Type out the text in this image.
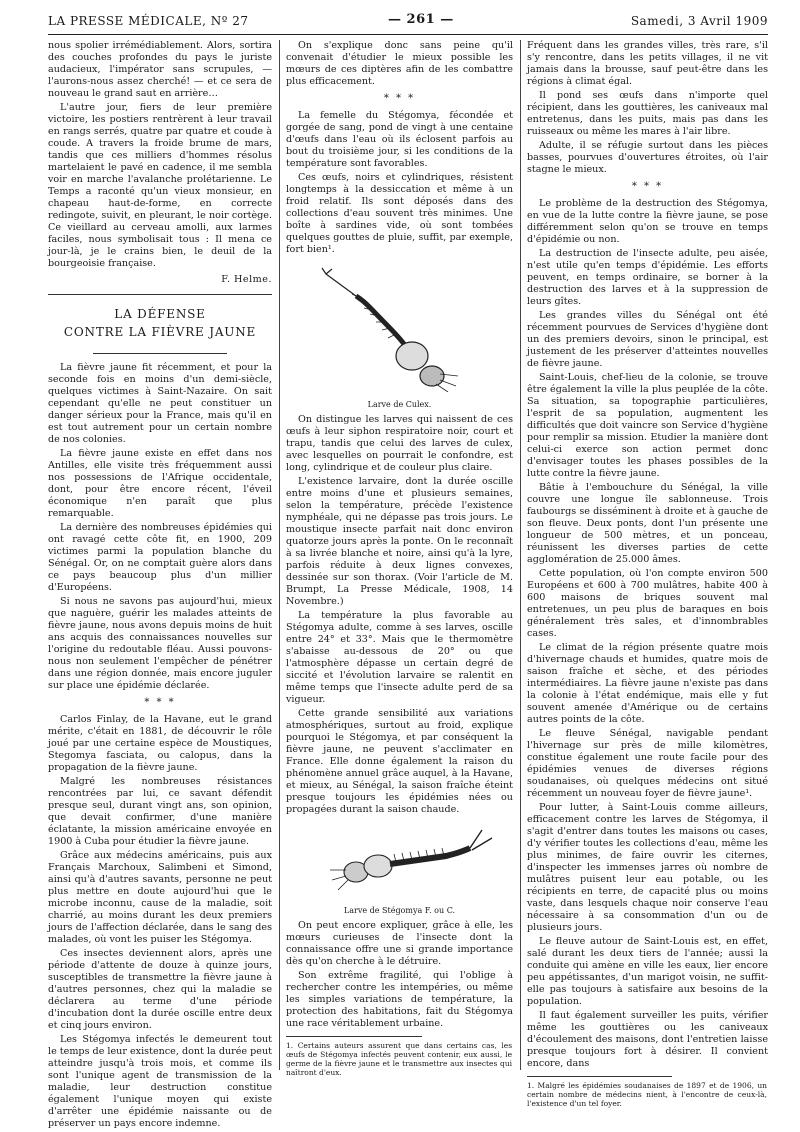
LA PRESSE MÉDICALE, Nº 27	— 261 —	Samedi, 3 Avril 1909

nous spolier irrémédiablement. Alors, sortira des couches profondes du pays le juriste audacieux, l'impérator sans scrupules, — l'aurons-nous assez cherché! — et ce sera de nouveau le grand saut en arrière…

L'autre jour, fiers de leur première victoire, les postiers rentrèrent à leur travail en rangs serrés, quatre par quatre et coude à coude. A travers la froide brume de mars, tandis que ces milliers d'hommes résolus martelaient le pavé en cadence, il me sembla voir en marche l'avalanche prolétarienne. Le Temps a raconté qu'un vieux monsieur, en chapeau haut-de-forme, en correcte redingote, suivit, en pleurant, le noir cortège. Ce vieillard au cerveau amolli, aux larmes faciles, nous symbolisait tous : Il mena ce jour-là, je le crains bien, le deuil de la bourgeoisie française.

F. Helme.
LA DÉFENSE
CONTRE LA FIÈVRE JAUNE

La fièvre jaune fit récemment, et pour la seconde fois en moins d'un demi-siècle, quelques victimes à Saint-Nazaire. On sait cependant qu'elle ne peut constituer un danger sérieux pour la France, mais qu'il en est tout autrement pour un certain nombre de nos colonies.

La fièvre jaune existe en effet dans nos Antilles, elle visite très fréquemment aussi nos possessions de l'Afrique occidentale, dont, pour être encore récent, l'éveil économique n'en paraît que plus remarquable.

La dernière des nombreuses épidémies qui ont ravagé cette côte fit, en 1900, 209 victimes parmi la population blanche du Sénégal. Or, on ne comptait guère alors dans ce pays beaucoup plus d'un millier d'Européens.

Si nous ne savons pas aujourd'hui, mieux que naguère, guérir les malades atteints de fièvre jaune, nous avons depuis moins de huit ans acquis des connaissances nouvelles sur l'origine du redoutable fléau. Aussi pouvons-nous non seulement l'empêcher de pénétrer dans une région donnée, mais encore juguler sur place une épidémie déclarée.

* * *

Carlos Finlay, de la Havane, eut le grand mérite, c'était en 1881, de découvrir le rôle joué par une certaine espèce de Moustiques, Stegomya fasciata, ou calopus, dans la propagation de la fièvre jaune.

Malgré les nombreuses résistances rencontrées par lui, ce savant défendit presque seul, durant vingt ans, son opinion, que devait confirmer, d'une manière éclatante, la mission américaine envoyée en 1900 à Cuba pour étudier la fièvre jaune.

Grâce aux médecins américains, puis aux Français Marchoux, Salimbeni et Simond, ainsi qu'à d'autres savants, personne ne peut plus mettre en doute aujourd'hui que le microbe inconnu, cause de la maladie, soit charrié, au moins durant les deux premiers jours de l'affection déclarée, dans le sang des malades, où vont les puiser les Stégomya.

Ces insectes deviennent alors, après une période d'attente de douze à quinze jours, susceptibles de transmettre la fièvre jaune à d'autres personnes, chez qui la maladie se déclarera au terme d'une période d'incubation dont la durée oscille entre deux et cinq jours environ.

Les Stégomya infectés le demeurent tout le temps de leur existence, dont la durée peut atteindre jusqu'à trois mois, et comme ils sont l'unique agent de transmission de la maladie, leur destruction constitue également l'unique moyen qui existe d'arrêter une épidémie naissante ou de préserver un pays encore indemne.

On s'explique donc sans peine qu'il convenait d'étudier le mieux possible les mœurs de ces diptères afin de les combattre plus efficacement.

* * *

La femelle du Stégomya, fécondée et gorgée de sang, pond de vingt à une centaine d'œufs dans l'eau où ils éclosent parfois au bout du troisième jour, si les conditions de la température sont favorables.

Ces œufs, noirs et cylindriques, résistent longtemps à la dessiccation et même à un froid relatif. Ils sont déposés dans des collections d'eau souvent très minimes. Une boîte à sardines vide, où sont tombées quelques gouttes de pluie, suffit, par exemple, fort bien¹.

Larve de Culex.

On distingue les larves qui naissent de ces œufs à leur siphon respiratoire noir, court et trapu, tandis que celui des larves de culex, avec lesquelles on pourrait le confondre, est long, cylindrique et de couleur plus claire.

L'existence larvaire, dont la durée oscille entre moins d'une et plusieurs semaines, selon la température, précède l'existence nymphéale, qui ne dépasse pas trois jours. Le moustique insecte parfait nait donc environ quatorze jours après la ponte. On le reconnaît à sa livrée blanche et noire, ainsi qu'à la lyre, parfois réduite à deux lignes convexes, dessinée sur son thorax. (Voir l'article de M. Brumpt, La Presse Médicale, 1908, 14 Novembre.)

La température la plus favorable au Stégomya adulte, comme à ses larves, oscille entre 24° et 33°. Mais que le thermomètre s'abaisse au-dessous de 20° ou que l'atmosphère dépasse un certain degré de siccité et l'évolution larvaire se ralentit en même temps que l'insecte adulte perd de sa vigueur.

Cette grande sensibilité aux variations atmosphériques, surtout au froid, explique pourquoi le Stégomya, et par conséquent la fièvre jaune, ne peuvent s'acclimater en France. Elle donne également la raison du phénomène annuel grâce auquel, à la Havane, et mieux, au Sénégal, la saison fraîche éteint presque toujours les épidémies nées ou propagées durant la saison chaude.

Larve de Stégomya F. ou C.

On peut encore expliquer, grâce à elle, les mœurs curieuses de l'insecte dont la connaissance offre une si grande importance dès qu'on cherche à le détruire.

Son extrême fragilité, qui l'oblige à rechercher contre les intempéries, ou même les simples variations de température, la protection des habitations, fait du Stégomya une race véritablement urbaine.

1. Certains auteurs assurent que dans certains cas, les œufs de Stégomya infectés peuvent contenir, eux aussi, le germe de la fièvre jaune et le transmettre aux insectes qui naîtront d'eux.

Fréquent dans les grandes villes, très rare, s'il s'y rencontre, dans les petits villages, il ne vit jamais dans la brousse, sauf peut-être dans les régions à climat égal.

Il pond ses œufs dans n'importe quel récipient, dans les gouttières, les caniveaux mal entretenus, dans les puits, mais pas dans les ruisseaux ou même les mares à l'air libre.

Adulte, il se réfugie surtout dans les pièces basses, pourvues d'ouvertures étroites, où l'air stagne le mieux.

* * *

Le problème de la destruction des Stégomya, en vue de la lutte contre la fièvre jaune, se pose différemment selon qu'on se trouve en temps d'épidémie ou non.

La destruction de l'insecte adulte, peu aisée, n'est utile qu'en temps d'épidémie. Les efforts peuvent, en temps ordinaire, se borner à la destruction des larves et à la suppression de leurs gîtes.

Les grandes villes du Sénégal ont été récemment pourvues de Services d'hygiène dont un des premiers devoirs, sinon le principal, est justement de les préserver d'atteintes nouvelles de fièvre jaune.

Saint-Louis, chef-lieu de la colonie, se trouve être également la ville la plus peuplée de la côte. Sa situation, sa topographie particulières, l'esprit de sa population, augmentent les difficultés que doit vaincre son Service d'hygiène pour remplir sa mission. Etudier la manière dont celui-ci exerce son action permet donc d'envisager toutes les phases possibles de la lutte contre la fièvre jaune.

Bâtie à l'embouchure du Sénégal, la ville couvre une longue île sablonneuse. Trois faubourgs se disséminent à droite et à gauche de son fleuve. Deux ponts, dont l'un présente une longueur de 500 mètres, et un ponceau, réunissent les diverses parties de cette agglomération de 25.000 âmes.

Cette population, où l'on compte environ 500 Européens et 600 à 700 mulâtres, habite 400 à 600 maisons de briques souvent mal entretenues, un peu plus de baraques en bois généralement très sales, et d'innombrables cases.

Le climat de la région présente quatre mois d'hivernage chauds et humides, quatre mois de saison fraîche et sèche, et des périodes intermédiaires. La fièvre jaune n'existe pas dans la colonie à l'état endémique, mais elle y fut souvent amenée d'Amérique ou de certains autres points de la côte.

Le fleuve Sénégal, navigable pendant l'hivernage sur près de mille kilomètres, constitue également une route facile pour des épidémies venues de diverses régions soudanaises, où quelques médecins ont situé récemment un nouveau foyer de fièvre jaune¹.

Pour lutter, à Saint-Louis comme ailleurs, efficacement contre les larves de Stégomya, il s'agit d'entrer dans toutes les maisons ou cases, d'y vérifier toutes les collections d'eau, même les plus minimes, de faire ouvrir les citernes, d'inspecter les immenses jarres où nombre de mulâtres puisent leur eau potable, ou les récipients en terre, de capacité plus ou moins vaste, dans lesquels chaque noir conserve l'eau nécessaire à sa consommation d'un ou de plusieurs jours.

Le fleuve autour de Saint-Louis est, en effet, salé durant les deux tiers de l'année; aussi la conduite qui amène en ville les eaux, lier encore peu appétissantes, d'un marigot voisin, ne suffit-elle pas toujours à satisfaire aux besoins de la population.

Il faut également surveiller les puits, vérifier même les gouttières ou les caniveaux d'écoulement des maisons, dont l'entretien laisse presque toujours fort à désirer. Il convient encore, dans

1. Malgré les épidémies soudanaises de 1897 et de 1906, un certain nombre de médecins nient, à l'encontre de ceux-là, l'existence d'un tel foyer.
